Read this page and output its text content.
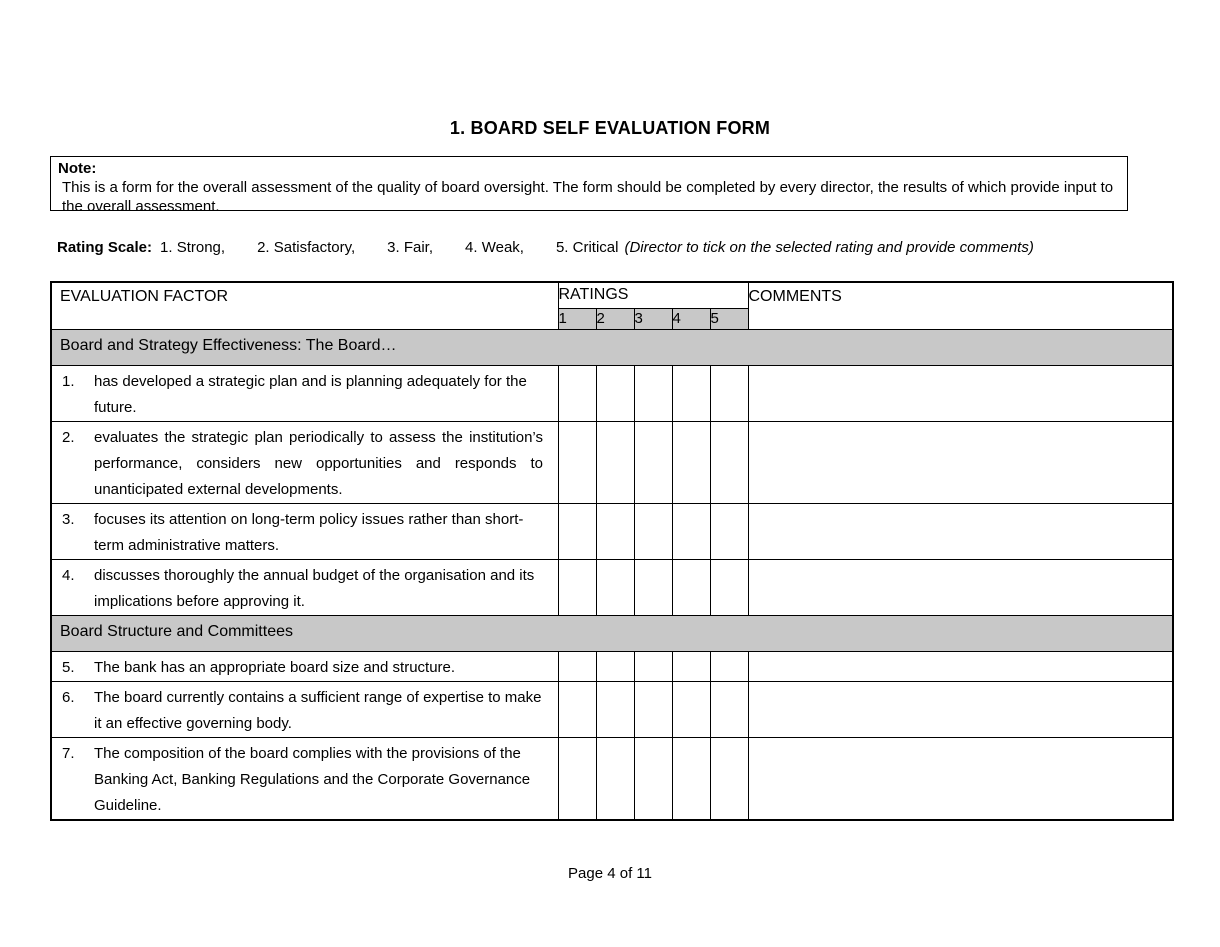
1. BOARD SELF EVALUATION FORM
Note:
This is a form for the overall assessment of the quality of board oversight. The form should be completed by every director, the results of which provide input to the overall assessment.
Rating Scale: 1. Strong, 2. Satisfactory, 3. Fair, 4. Weak, 5. Critical (Director to tick on the selected rating and provide comments)
EVALUATION FACTOR	RATINGS					COMMENTS
	1	2	3	4	5	
Board and Strategy Effectiveness: The Board…						

1. has developed a strategic plan and is planning adequately for the future.						

2. evaluates the strategic plan periodically to assess the institution’s performance, considers new opportunities and responds to unanticipated external developments.						

3. focuses its attention on long-term policy issues rather than short-term administrative matters.						

4. discusses thoroughly the annual budget of the organisation and its implications before approving it.						

Board Structure and Committees						

5. The bank has an appropriate board size and structure.						

6. The board currently contains a sufficient range of expertise to make it an effective governing body.						

7. The composition of the board complies with the provisions of the Banking Act, Banking Regulations and the Corporate Governance Guideline.						

Page 4 of 11
